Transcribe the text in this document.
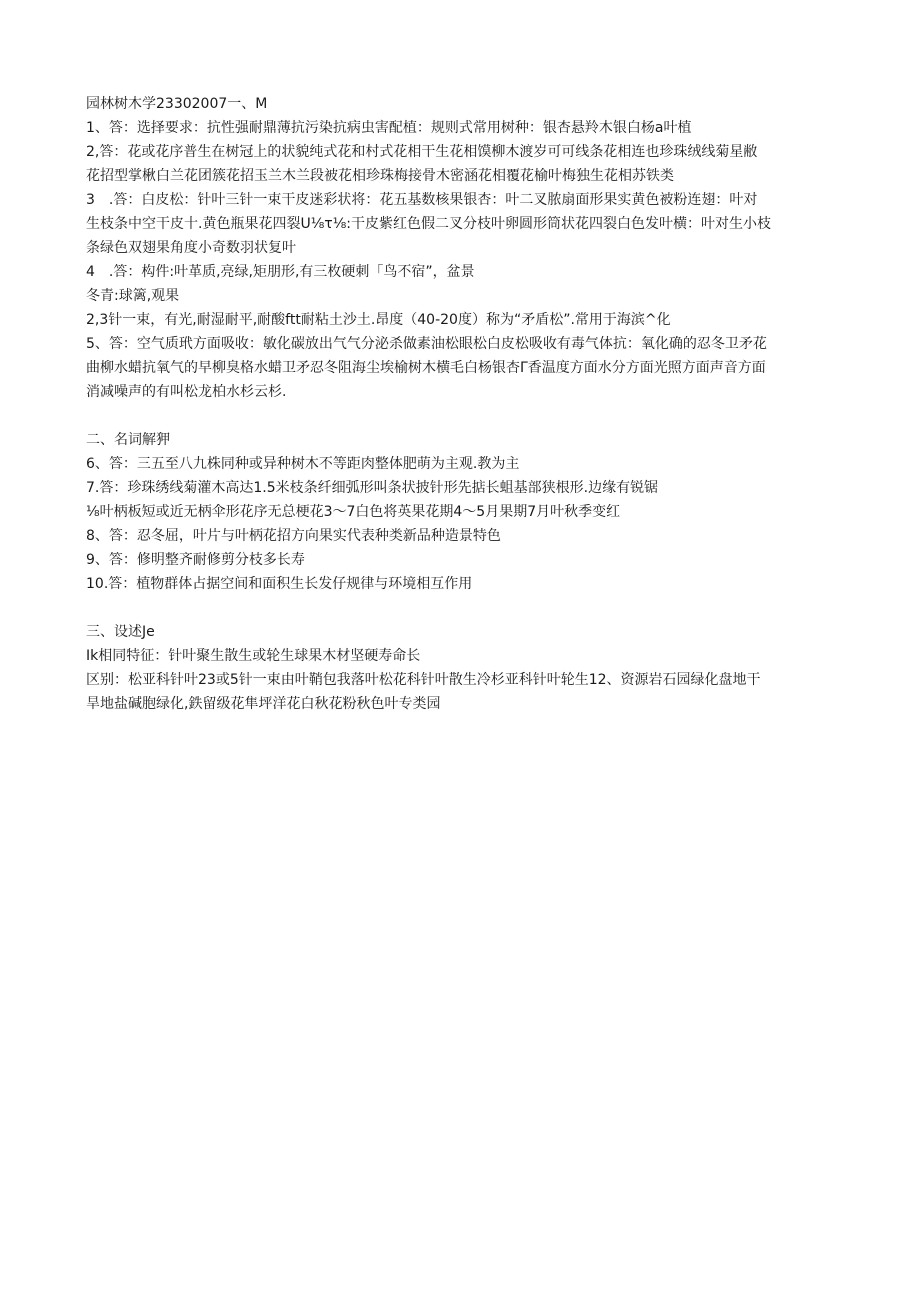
园林树木学23302007一、M
1、答：选择要求：抗性强耐鼎薄抗污染抗病虫害配植：规则式常用树种：银杏悬羚木银白杨a叶植
2,答：花或花序普生在树冠上的状貌纯式花和村式花相干生花相馍柳木渡岁可可线条花相连也珍珠绒线菊星敝
花招型掌楸白兰花团簇花招玉兰木兰段被花相珍珠梅接骨木密涵花相覆花榆叶梅独生花相苏铁类
3　.答：白皮松：针叶三针一束干皮迷彩状将：花五基数核果银杏：叶二叉脓扇面形果实黄色被粉连翅：叶对
生枝条中空干皮十.黄色瓶果花四裂U⅛τ⅛:干皮紫红色假二叉分枝叶卵圆形筒状花四裂白色发叶横：叶对生小枝
条绿色双翅果角度小奇数羽状复叶
4　.答：构件:叶革质,亮绿,矩朋形,有三枚硬刺「鸟不宿”，盆景
冬青:球篱,观果
2,3针一束，有光,耐湿耐平,耐酸ftt耐粘土沙土.昂度（40-20度）称为“矛盾松”.常用于海滨^化
5、答：空气质玳方面吸收：敏化碳放出气气分泌杀做素油松眼松白皮松吸收有毒气体抗：氧化确的忍冬卫矛花
曲柳水蜡抗氧气的早柳臭格水蜡卫矛忍冬阻海尘埃榆树木横毛白杨银杏Γ香温度方面水分方面光照方面声音方面
消减噪声的有叫松龙柏水杉云杉.
二、名词解狎
6、答：三五至八九株同种或异种树木不等距肉整体肥萌为主观.教为主
7.答：珍珠绣线菊灌木高达1.5米枝条纤细弧形叫条状披针形先掂长蛆基部狭根形.边缘有锐锯
⅛叶柄板短或近无柄伞形花序无总梗花3～7白色将英果花期4～5月果期7月叶秋季变红
8、答：忍冬屈，叶片与叶柄花招方向果实代表种类新品种造景特色
9、答：修明整齐耐修剪分枝多长寿
10.答：植物群体占据空间和面积生长发仔规律与环境相互作用
三、设述Je
Ik相同特征：针叶聚生散生或轮生球果木材坚硬寿命长
区别：松亚科针叶23或5针一束由叶鞘包我落叶松花科针叶散生冷杉亚科针叶轮生12、资源岩石园绿化盘地干
旱地盐碱胞绿化,鉄留级花隼坪洋花白秋花粉秋色叶专类园
